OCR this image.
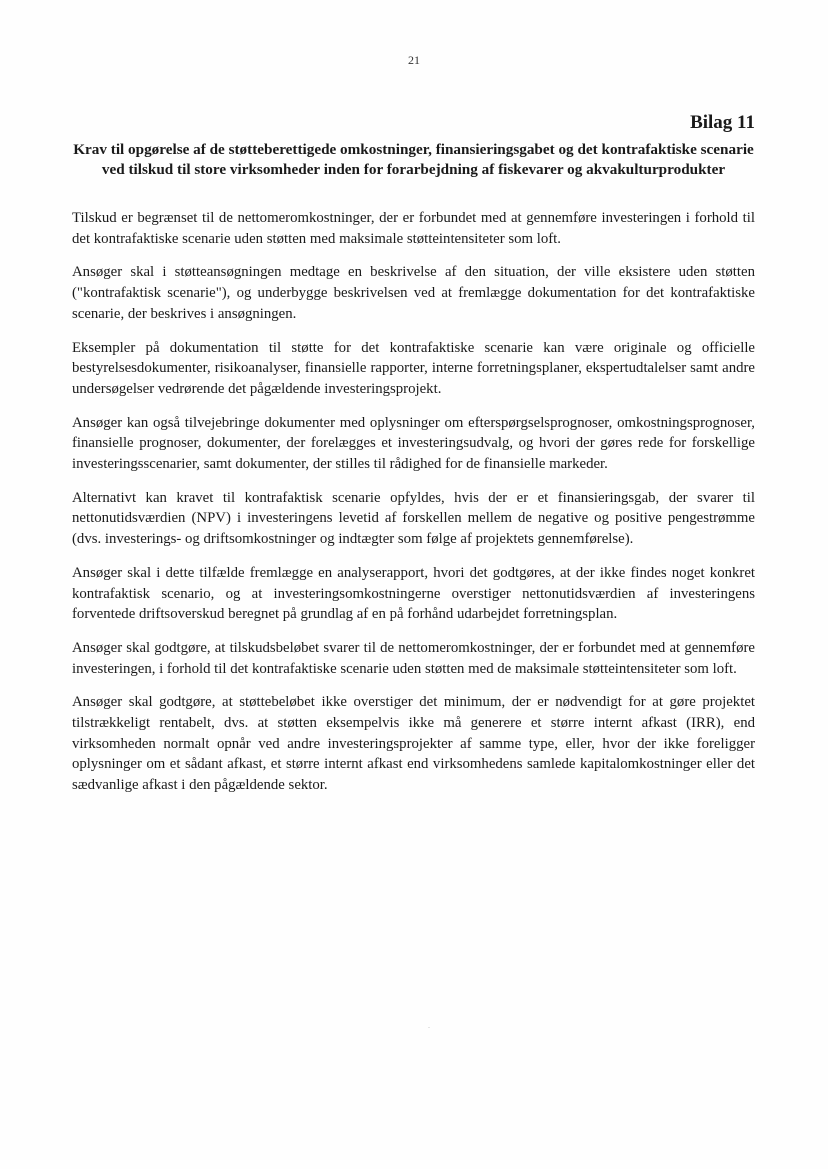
21
Bilag 11
Krav til opgørelse af de støtteberettigede omkostninger, finansieringsgabet og det kontrafaktiske scenarie ved tilskud til store virksomheder inden for forarbejdning af fiskevarer og akvakulturprodukter

Tilskud er begrænset til de nettomeromkostninger, der er forbundet med at gennemføre investeringen i forhold til det kontrafaktiske scenarie uden støtten med maksimale støtteintensiteter som loft.

Ansøger skal i støtteansøgningen medtage en beskrivelse af den situation, der ville eksistere uden støtten ("kontrafaktisk scenarie"), og underbygge beskrivelsen ved at fremlægge dokumentation for det kontrafaktiske scenarie, der beskrives i ansøgningen.

Eksempler på dokumentation til støtte for det kontrafaktiske scenarie kan være originale og officielle bestyrelsesdokumenter, risikoanalyser, finansielle rapporter, interne forretningsplaner, ekspertudtalelser samt andre undersøgelser vedrørende det pågældende investeringsprojekt.

Ansøger kan også tilvejebringe dokumenter med oplysninger om efterspørgselsprognoser, omkostningsprognoser, finansielle prognoser, dokumenter, der forelægges et investeringsudvalg, og hvori der gøres rede for forskellige investeringsscenarier, samt dokumenter, der stilles til rådighed for de finansielle markeder.

Alternativt kan kravet til kontrafaktisk scenarie opfyldes, hvis der er et finansieringsgab, der svarer til nettonutidsværdien (NPV) i investeringens levetid af forskellen mellem de negative og positive pengestrømme (dvs. investerings- og driftsomkostninger og indtægter som følge af projektets gennemførelse).

Ansøger skal i dette tilfælde fremlægge en analyserapport, hvori det godtgøres, at der ikke findes noget konkret kontrafaktisk scenario, og at investeringsomkostningerne overstiger nettonutidsværdien af investeringens forventede driftsoverskud beregnet på grundlag af en på forhånd udarbejdet forretningsplan.

Ansøger skal godtgøre, at tilskudsbeløbet svarer til de nettomeromkostninger, der er forbundet med at gennemføre investeringen, i forhold til det kontrafaktiske scenarie uden støtten med de maksimale støtteintensiteter som loft.

Ansøger skal godtgøre, at støttebeløbet ikke overstiger det minimum, der er nødvendigt for at gøre projektet tilstrækkeligt rentabelt, dvs. at støtten eksempelvis ikke må generere et større internt afkast (IRR), end virksomheden normalt opnår ved andre investeringsprojekter af samme type, eller, hvor der ikke foreligger oplysninger om et sådant afkast, et større internt afkast end virksomhedens samlede kapitalomkostninger eller det sædvanlige afkast i den pågældende sektor.
